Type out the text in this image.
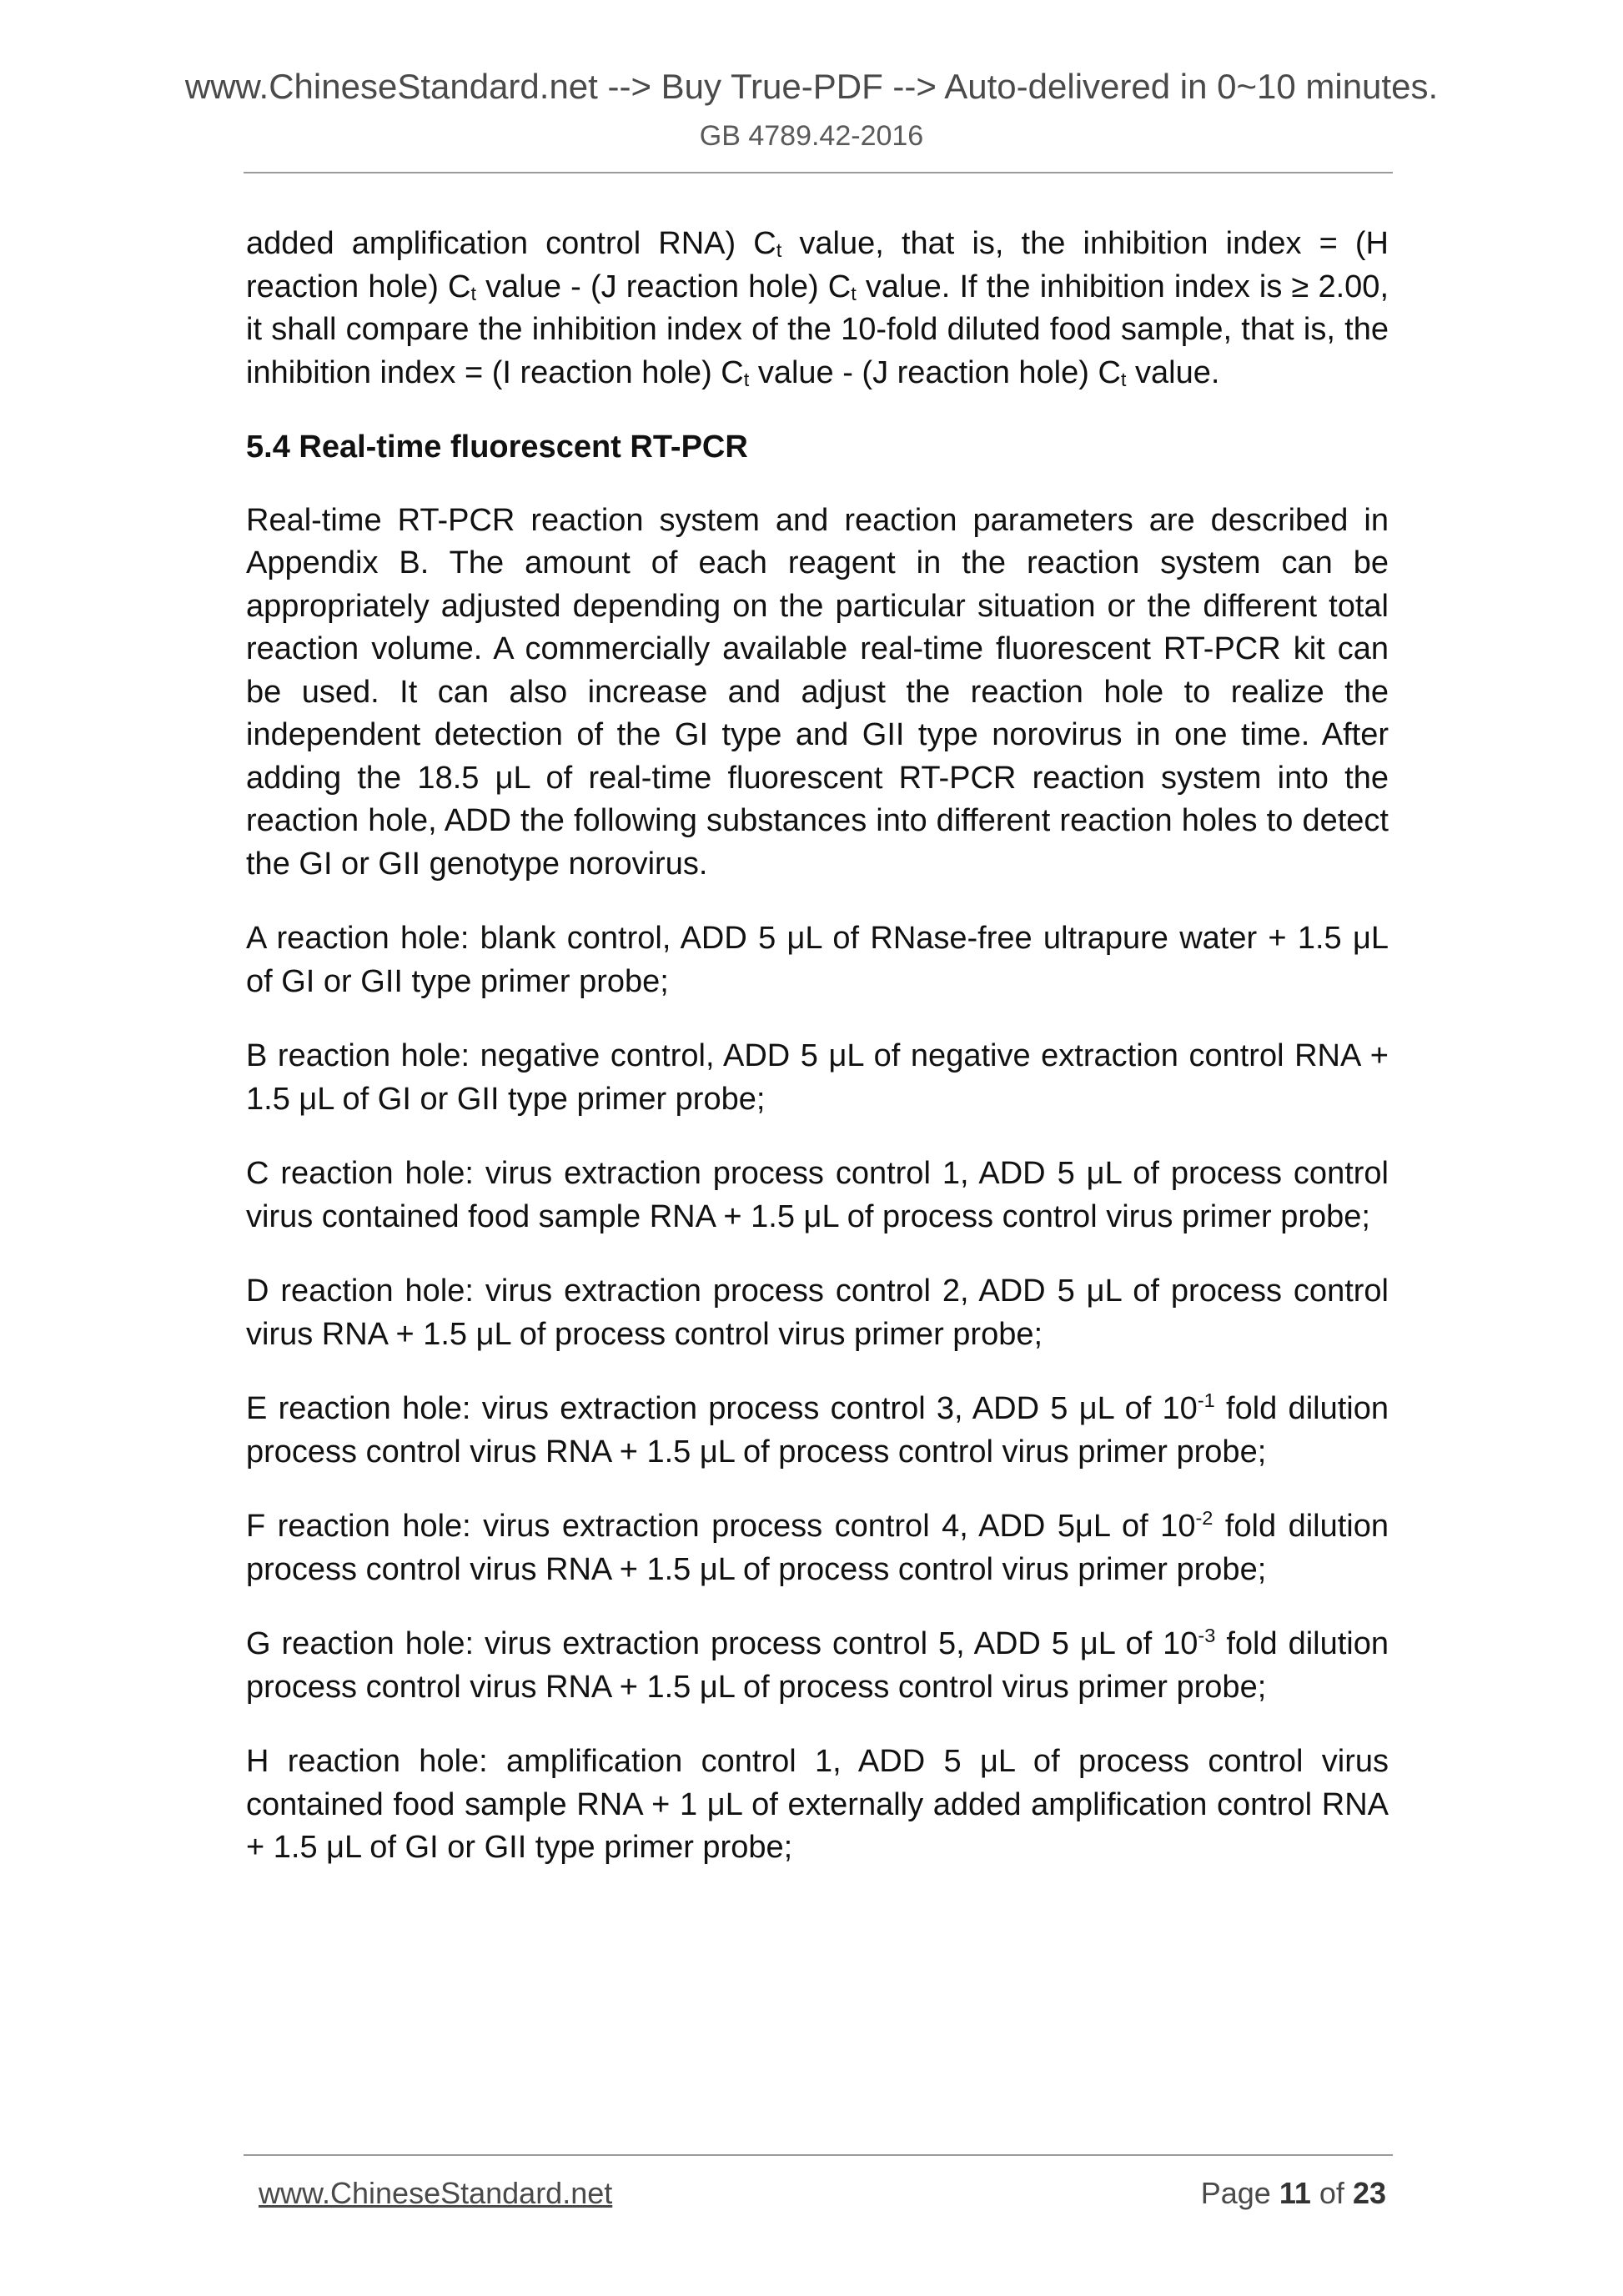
www.ChineseStandard.net --> Buy True-PDF --> Auto-delivered in 0~10 minutes.
GB 4789.42-2016

added amplification control RNA) $C_t$ value, that is, the inhibition index = (H reaction hole) $C_t$ value - (J reaction hole) $C_t$ value. If the inhibition index is ≥ 2.00, it shall compare the inhibition index of the 10-fold diluted food sample, that is, the inhibition index = (I reaction hole) $C_t$ value - (J reaction hole) $C_t$ value.

5.4 Real-time fluorescent RT-PCR

Real-time RT-PCR reaction system and reaction parameters are described in Appendix B. The amount of each reagent in the reaction system can be appropriately adjusted depending on the particular situation or the different total reaction volume. A commercially available real-time fluorescent RT-PCR kit can be used. It can also increase and adjust the reaction hole to realize the independent detection of the GI type and GII type norovirus in one time. After adding the 18.5 μL of real-time fluorescent RT-PCR reaction system into the reaction hole, ADD the following substances into different reaction holes to detect the GI or GII genotype norovirus.

A reaction hole: blank control, ADD 5 μL of RNase-free ultrapure water + 1.5 μL of GI or GII type primer probe;

B reaction hole: negative control, ADD 5 μL of negative extraction control RNA + 1.5 μL of GI or GII type primer probe;

C reaction hole: virus extraction process control 1, ADD 5 μL of process control virus contained food sample RNA + 1.5 μL of process control virus primer probe;

D reaction hole: virus extraction process control 2, ADD 5 μL of process control virus RNA + 1.5 μL of process control virus primer probe;

E reaction hole: virus extraction process control 3, ADD 5 μL of $10^{-1}$ fold dilution process control virus RNA + 1.5 μL of process control virus primer probe;

F reaction hole: virus extraction process control 4, ADD 5μL of $10^{-2}$ fold dilution process control virus RNA + 1.5 μL of process control virus primer probe;

G reaction hole: virus extraction process control 5, ADD 5 μL of $10^{-3}$ fold dilution process control virus RNA + 1.5 μL of process control virus primer probe;

H reaction hole: amplification control 1, ADD 5 μL of process control virus contained food sample RNA + 1 μL of externally added amplification control RNA + 1.5 μL of GI or GII type primer probe;

www.ChineseStandard.net	Page 11 of 23
